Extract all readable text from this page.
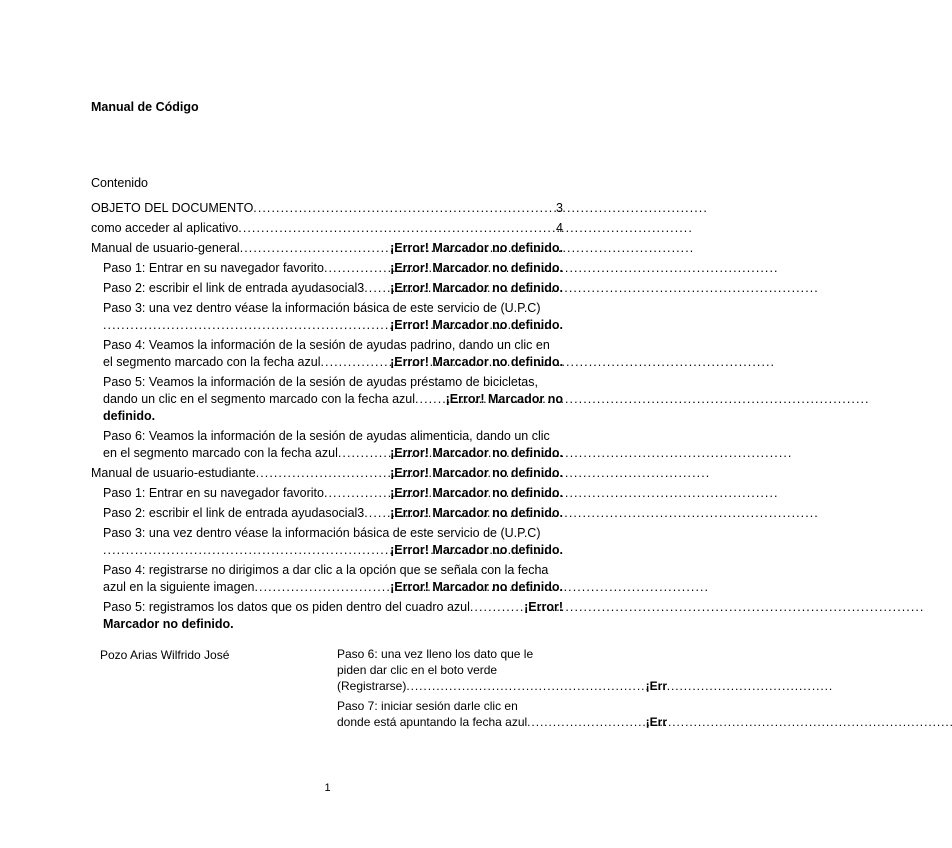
Manual de Código
Contenido
OBJETO DEL DOCUMENTO . . .	3
como acceder al aplicativo . . .	4
Manual de usuario-general . . .	¡Error! Marcador no definido.
Paso 1: Entrar en su navegador favorito . . .	¡Error! Marcador no definido.
Paso 2: escribir el link de entrada ayudasocial3 . . . ¡Error! Marcador no definido.
Paso 3: una vez dentro véase la información básica de este servicio de (U.P.C)
. . .
¡Error! Marcador no definido.
Paso 4: Veamos la información de la sesión de ayudas padrino, dando un clic en
el segmento marcado con la fecha azul . . .	¡Error! Marcador no definido.
Paso 5: Veamos la información de la sesión de ayudas préstamo de bicicletas,
dando un clic en el segmento marcado con la fecha azul . . . ¡Error! Marcador no
definido.
Paso 6: Veamos la información de la sesión de ayudas alimenticia, dando un clic
en el segmento marcado con la fecha azul . . .	¡Error! Marcador no definido.
Manual de usuario-estudiante . . .	¡Error! Marcador no definido.
Paso 1: Entrar en su navegador favorito . . .	¡Error! Marcador no definido.
Paso 2: escribir el link de entrada ayudasocial3 . . . ¡Error! Marcador no definido.
Paso 3: una vez dentro véase la información básica de este servicio de (U.P.C)
. . .
¡Error! Marcador no definido.
Paso 4: registrarse no dirigimos a dar clic a la opción que se señala con la fecha
azul en la siguiente imagen . . .	¡Error! Marcador no definido.
Paso 5: registramos los datos que os piden dentro del cuadro azul . . .	¡Error!
Marcador no definido.
Pozo Arias Wilfrido José	Paso 6: una vez lleno los dato que le
piden dar clic en el boto verde
(Registrarse) . . .	¡Err
Paso 7: iniciar sesión darle clic en
donde está apuntando la fecha azul . . .	¡Err
1
